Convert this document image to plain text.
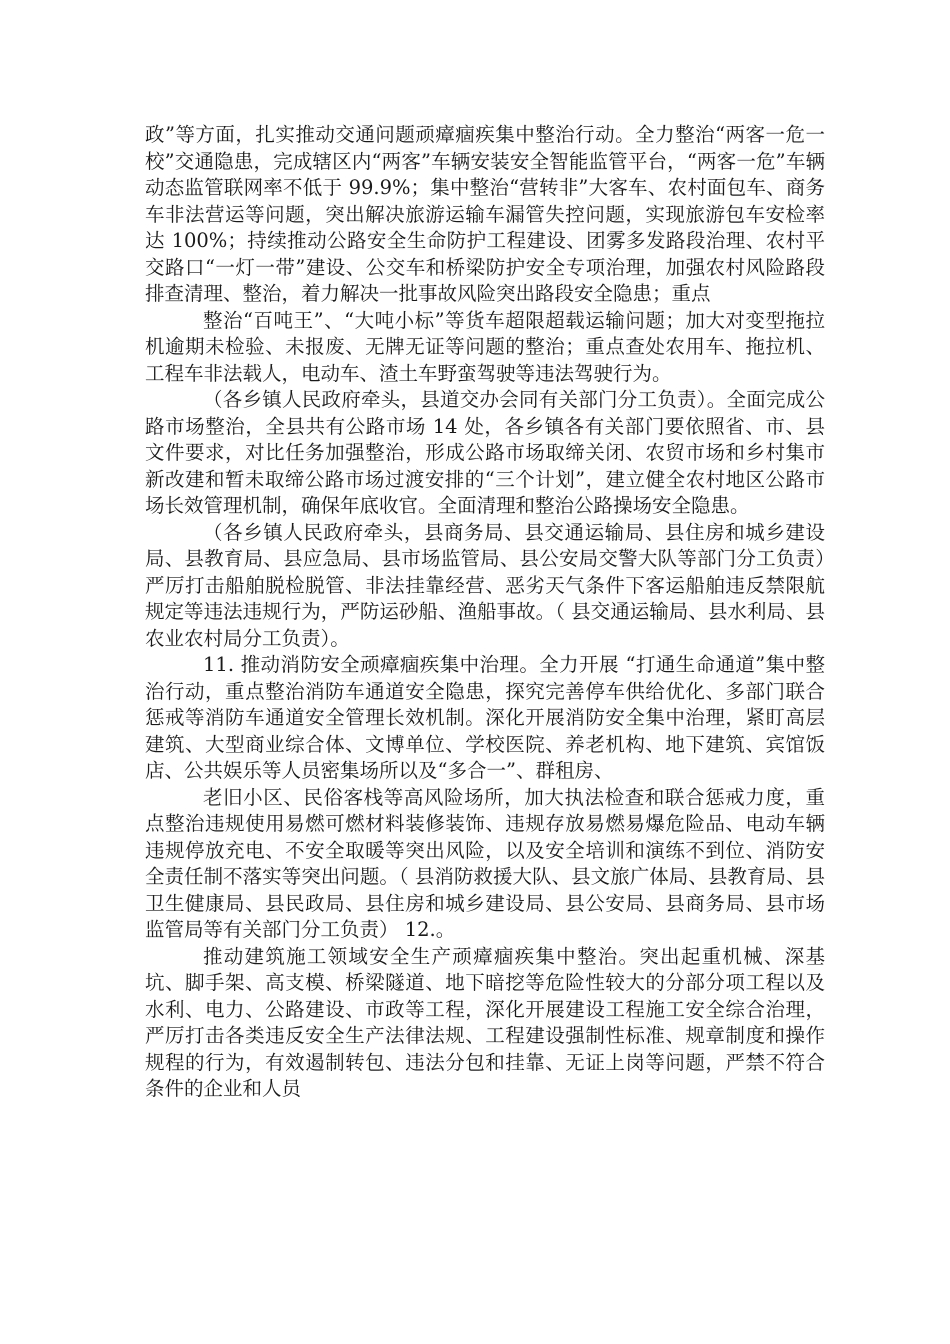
政”等方面，扎实推动交通问题顽瘴痼疾集中整治行动。全力整治“两客一危一校”交通隐患，完成辖区内“两客”车辆安装安全智能监管平台，“两客一危”车辆动态监管联网率不低于 99.9%；集中整治“营转非”大客车、农村面包车、商务车非法营运等问题，突出解决旅游运输车漏管失控问题，实现旅游包车安检率达 100%；持续推动公路安全生命防护工程建设、团雾多发路段治理、农村平交路口“一灯一带”建设、公交车和桥梁防护安全专项治理，加强农村风险路段排查清理、整治，着力解决一批事故风险突出路段安全隐患；重点

整治“百吨王”、“大吨小标”等货车超限超载运输问题；加大对变型拖拉机逾期未检验、未报废、无牌无证等问题的整治；重点查处农用车、拖拉机、工程车非法载人，电动车、渣土车野蛮驾驶等违法驾驶行为。

（各乡镇人民政府牵头，县道交办会同有关部门分工负责）。全面完成公路市场整治，全县共有公路市场 14 处，各乡镇各有关部门要依照省、市、县文件要求，对比任务加强整治，形成公路市场取缔关闭、农贸市场和乡村集市新改建和暂未取缔公路市场过渡安排的“三个计划”，建立健全农村地区公路市场长效管理机制，确保年底收官。全面清理和整治公路操场安全隐患。

（各乡镇人民政府牵头，县商务局、县交通运输局、县住房和城乡建设局、县教育局、县应急局、县市场监管局、县公安局交警大队等部门分工负责）严厉打击船舶脱检脱管、非法挂靠经营、恶劣天气条件下客运船舶违反禁限航规定等违法违规行为，严防运砂船、渔船事故。（ 县交通运输局、县水利局、县农业农村局分工负责）。

11. 推动消防安全顽瘴痼疾集中治理。全力开展 “打通生命通道”集中整治行动，重点整治消防车通道安全隐患，探究完善停车供给优化、多部门联合惩戒等消防车通道安全管理长效机制。深化开展消防安全集中治理，紧盯高层建筑、大型商业综合体、文博单位、学校医院、养老机构、地下建筑、宾馆饭店、公共娱乐等人员密集场所以及“多合一”、群租房、

老旧小区、民俗客栈等高风险场所，加大执法检查和联合惩戒力度，重点整治违规使用易燃可燃材料装修装饰、违规存放易燃易爆危险品、电动车辆违规停放充电、不安全取暖等突出风险，以及安全培训和演练不到位、消防安全责任制不落实等突出问题。（ 县消防救援大队、县文旅广体局、县教育局、县卫生健康局、县民政局、县住房和城乡建设局、县公安局、县商务局、县市场监管局等有关部门分工负责） 12.。

推动建筑施工领域安全生产顽瘴痼疾集中整治。突出起重机械、深基坑、脚手架、高支模、桥梁隧道、地下暗挖等危险性较大的分部分项工程以及水利、电力、公路建设、市政等工程，深化开展建设工程施工安全综合治理，严厉打击各类违反安全生产法律法规、工程建设强制性标准、规章制度和操作规程的行为，有效遏制转包、违法分包和挂靠、无证上岗等问题，严禁不符合条件的企业和人员
